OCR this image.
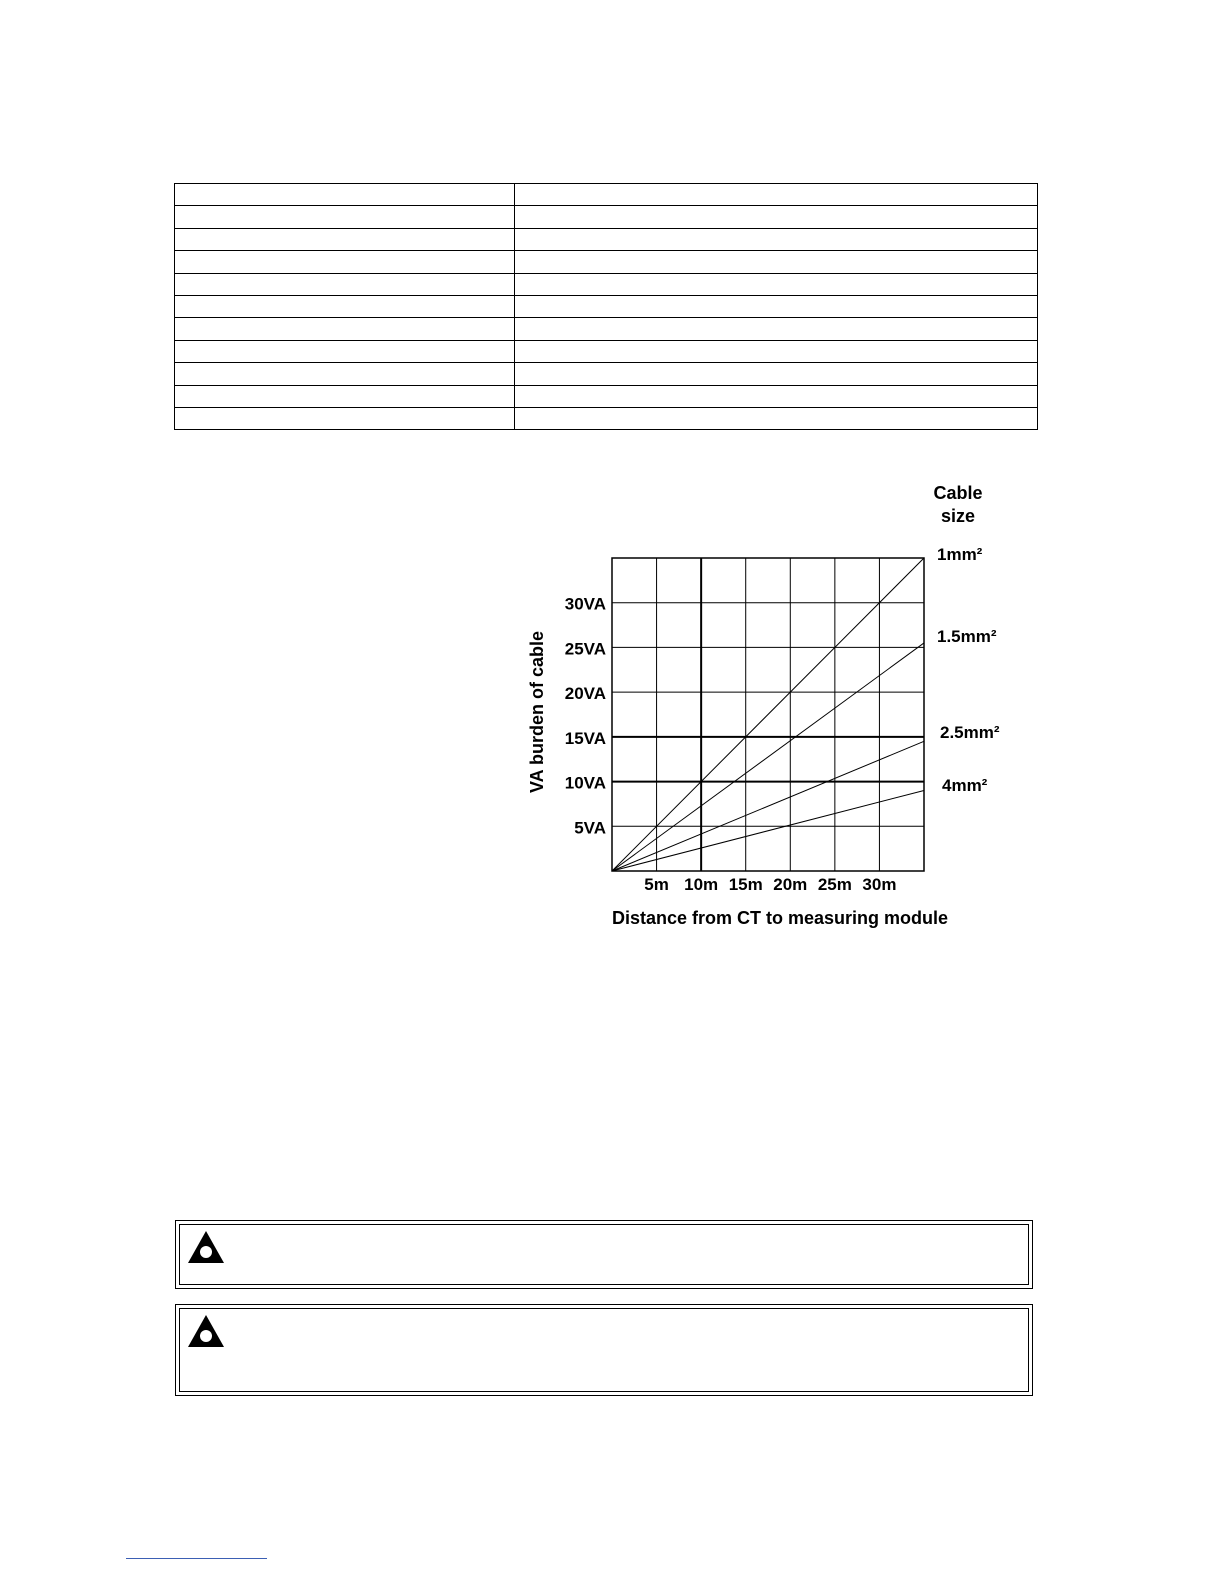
5VA
10VA
15VA
20VA
25VA
30VA
5m 10m 15m 20m 25m 30m
1mm²
1.5mm²
2.5mm²
4mm²
Cable size
VA burden of cable
Distance from CT to measuring module
